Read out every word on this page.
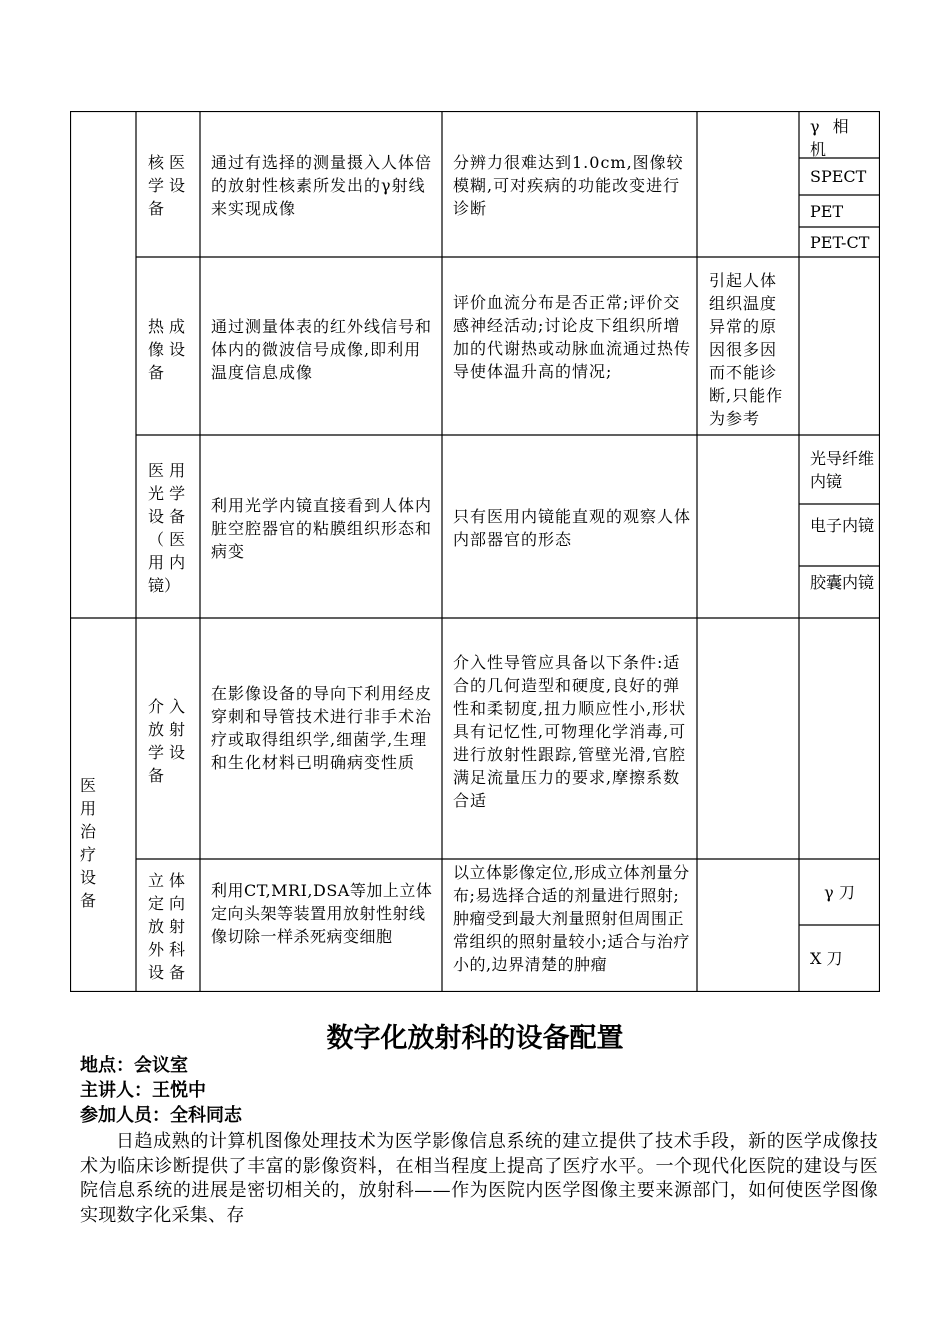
医用治疗设备
核医学设备
通过有选择的测量摄入人体倍的放射性核素所发出的γ射线来实现成像
分辨力很难达到1.0cm,图像较模糊,可对疾病的功能改变进行诊断
γ 相机
SPECT
PET
PET-CT
热成像设备
通过测量体表的红外线信号和体内的微波信号成像,即利用温度信息成像
评价血流分布是否正常;评价交感神经活动;讨论皮下组织所增加的代谢热或动脉血流通过热传导使体温升高的情况;
引起人体组织温度异常的原因很多因而不能诊断,只能作为参考
医 用
光 学
设 备
（ 医
用 内
镜）
利用光学内镜直接看到人体内脏空腔器官的粘膜组织形态和病变
只有医用内镜能直观的观察人体内部器官的形态
光导纤维内镜
电子内镜
胶囊内镜
介入放射学设备
在影像设备的导向下利用经皮穿刺和导管技术进行非手术治疗或取得组织学,细菌学,生理和生化材料已明确病变性质
介入性导管应具备以下条件:适合的几何造型和硬度,良好的弹性和柔韧度,扭力顺应性小,形状具有记忆性,可物理化学消毒,可进行放射性跟踪,管壁光滑,官腔满足流量压力的要求,摩擦系数合适
立体定向放射外科设备
利用CT,MRI,DSA等加上立体定向头架等装置用放射性射线像切除一样杀死病变细胞
以立体影像定位,形成立体剂量分布;易选择合适的剂量进行照射;肿瘤受到最大剂量照射但周围正常组织的照射量较小;适合与治疗小的,边界清楚的肿瘤
γ 刀
X 刀
数字化放射科的设备配置
地点：会议室
主讲人：王悦中
参加人员：全科同志
日趋成熟的计算机图像处理技术为医学影像信息系统的建立提供了技术手段，新的医学成像技术为临床诊断提供了丰富的影像资料，在相当程度上提高了医疗水平。一个现代化医院的建设与医院信息系统的进展是密切相关的，放射科——作为医院内医学图像主要来源部门，如何使医学图像实现数字化采集、存
